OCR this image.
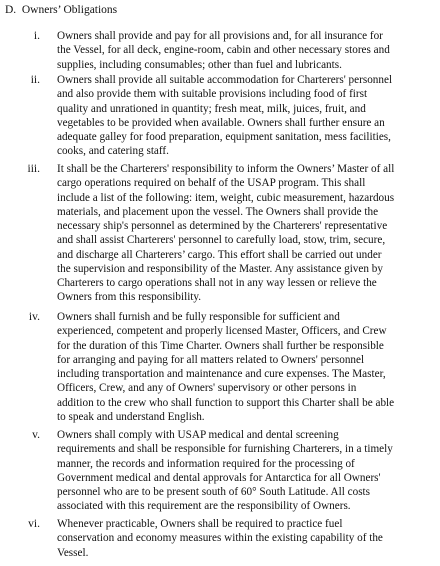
D. Owners’ Obligations
i. Owners shall provide and pay for all provisions and, for all insurance for
the Vessel, for all deck, engine-room, cabin and other necessary stores and
supplies, including consumables; other than fuel and lubricants.
ii. Owners shall provide all suitable accommodation for Charterers' personnel
and also provide them with suitable provisions including food of first
quality and unrationed in quantity; fresh meat, milk, juices, fruit, and
vegetables to be provided when available. Owners shall further ensure an
adequate galley for food preparation, equipment sanitation, mess facilities,
cooks, and catering staff.
iii. It shall be the Charterers' responsibility to inform the Owners’ Master of all
cargo operations required on behalf of the USAP program. This shall
include a list of the following: item, weight, cubic measurement, hazardous
materials, and placement upon the vessel. The Owners shall provide the
necessary ship's personnel as determined by the Charterers' representative
and shall assist Charterers' personnel to carefully load, stow, trim, secure,
and discharge all Charterers’ cargo. This effort shall be carried out under
the supervision and responsibility of the Master. Any assistance given by
Charterers to cargo operations shall not in any way lessen or relieve the
Owners from this responsibility.
iv. Owners shall furnish and be fully responsible for sufficient and
experienced, competent and properly licensed Master, Officers, and Crew
for the duration of this Time Charter. Owners shall further be responsible
for arranging and paying for all matters related to Owners' personnel
including transportation and maintenance and cure expenses. The Master,
Officers, Crew, and any of Owners' supervisory or other persons in
addition to the crew who shall function to support this Charter shall be able
to speak and understand English.
v. Owners shall comply with USAP medical and dental screening
requirements and shall be responsible for furnishing Charterers, in a timely
manner, the records and information required for the processing of
Government medical and dental approvals for Antarctica for all Owners'
personnel who are to be present south of 60° South Latitude. All costs
associated with this requirement are the responsibility of Owners.
vi. Whenever practicable, Owners shall be required to practice fuel
conservation and economy measures within the existing capability of the
Vessel.
